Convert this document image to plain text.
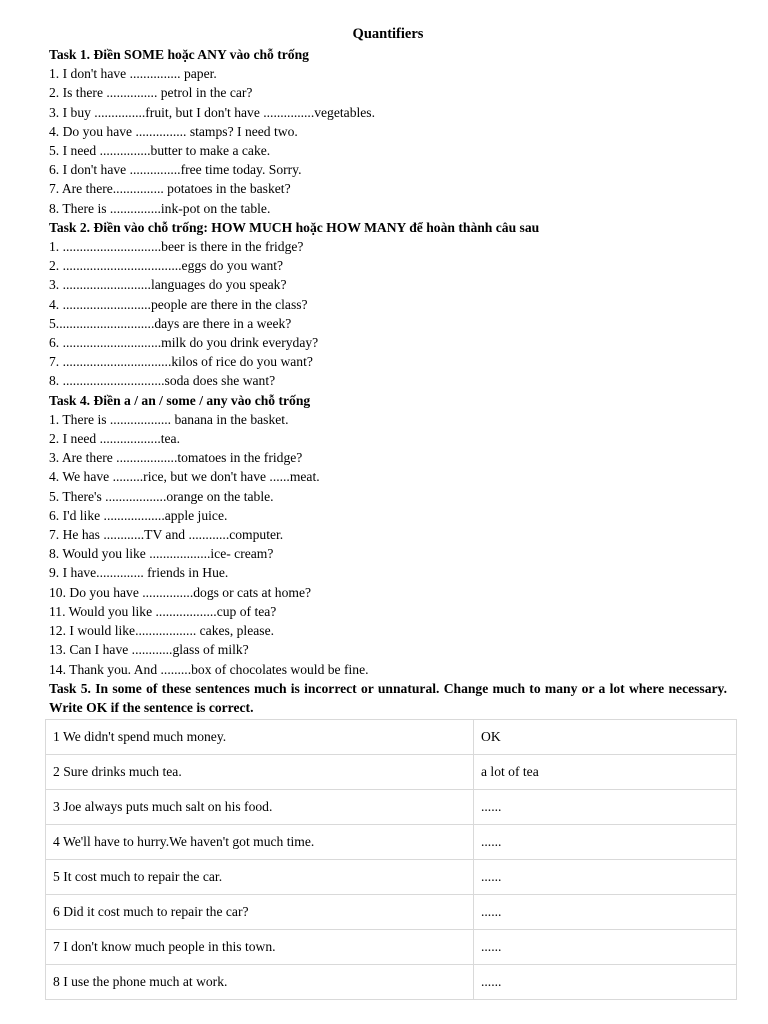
Quantifiers
Task 1. Điền SOME hoặc ANY vào chỗ trống
1. I don't have ............... paper.
2. Is there ............... petrol in the car?
3. I buy ...............fruit, but I don't have ...............vegetables.
4. Do you have ............... stamps? I need two.
5. I need ...............butter to make a cake.
6. I don't have ...............free time today. Sorry.
7. Are there............... potatoes in the basket?
8. There is ...............ink-pot on the table.
Task 2. Điền vào chỗ trống: HOW MUCH hoặc HOW MANY để hoàn thành câu sau
1. .............................beer is there in the fridge?
2. ...................................eggs do you want?
3. ..........................languages do you speak?
4. ..........................people are there in the class?
5.............................days are there in a week?
6. .............................milk do you drink everyday?
7. ................................kilos of rice do you want?
8. ..............................soda does she want?
Task 4. Điền a / an / some / any vào chỗ trống
1. There is .................. banana in the basket.
2. I need ..................tea.
3. Are there ..................tomatoes in the fridge?
4. We have .........rice, but we don't have ......meat.
5. There's ..................orange on the table.
6. I'd like ..................apple juice.
7. He has ............TV and ............computer.
8. Would you like ..................ice- cream?
9. I have.............. friends in Hue.
10. Do you have ...............dogs or cats at home?
11. Would you like ..................cup of tea?
12. I would like.................. cakes, please.
13. Can I have ............glass of milk?
14. Thank you. And .........box of chocolates would be fine.
Task 5. In some of these sentences much is incorrect or unnatural. Change much to many or a lot where necessary. Write OK if the sentence is correct.
1 We didn't spend much money.	OK
2 Sure drinks much tea.	a lot of tea
3 Joe always puts much salt on his food.	......
4 We'll have to hurry.We haven't got much time.	......
5 It cost much to repair the car.	......
6 Did it cost much to repair the car?	......
7 I don't know much people in this town.	......
8 I use the phone much at work.	......
